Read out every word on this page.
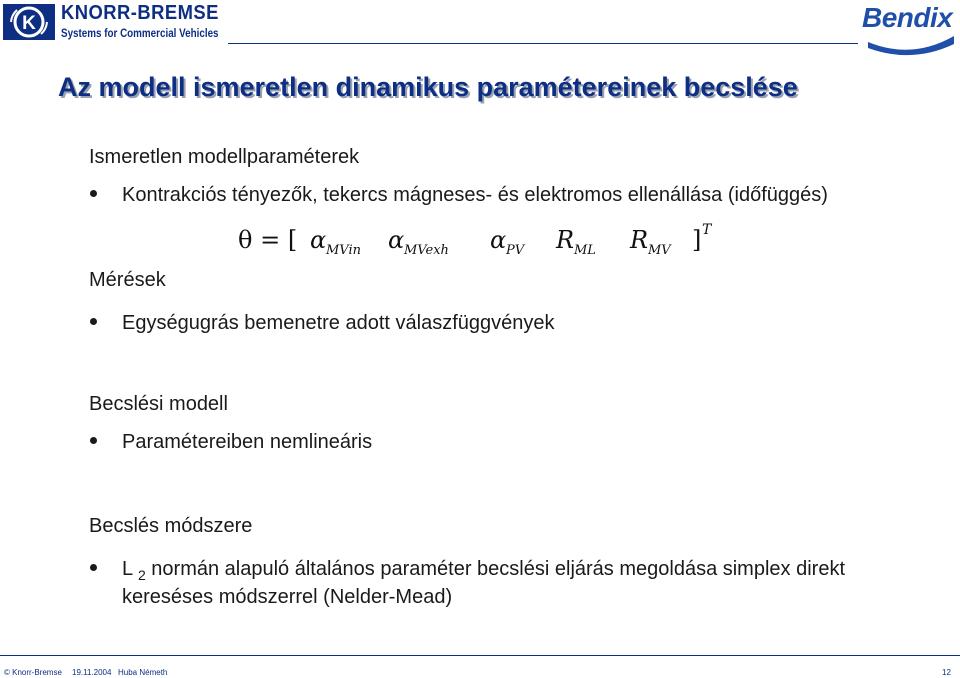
K KNORR-BREMSE
Systems for Commercial Vehicles	Bendix
Az modell ismeretlen dinamikus paramétereinek becslése
Ismeretlen modellparaméterek
Kontrakciós tényezők, tekercs mágneses- és elektromos ellenállása (időfüggés)
θ = [ α MVin α MVexh α PV R ML R MV ] T
Mérések
Egységugrás bemenetre adott válaszfüggvények
Becslési modell
Paramétereiben nemlineáris
Becslés módszere
L $_2$ normán alapuló általános paraméter becslési eljárás megoldása simplex direkt
kereséses módszerrel (Nelder-Mead)
© Knorr-Bremse 19.11.2004 Huba Németh	12
